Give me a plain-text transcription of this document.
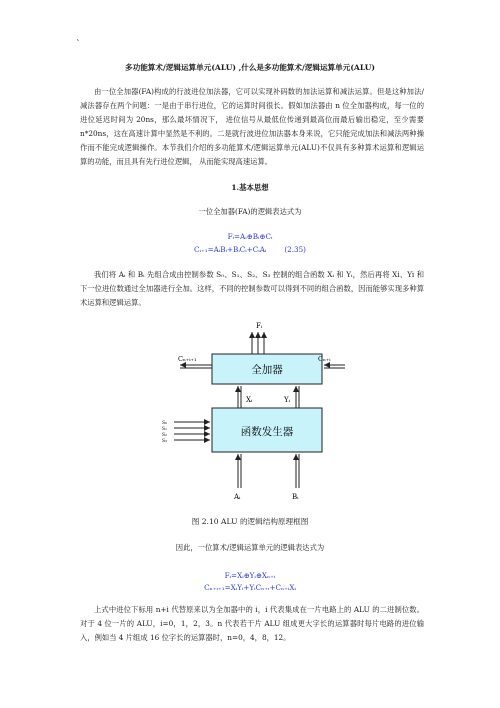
`
多功能算术/逻辑运算单元(ALU) ,什么是多功能算术/逻辑运算单元(ALU)

由一位全加器(FA)构成的行波进位加法器，它可以实现补码数的加法运算和减法运算。但是这种加法/减法器存在两个问题：一是由于串行进位，它的运算时间很长。假如加法器由 n 位全加器构成，每一位的进位延迟时间为 20ns，那么最坏情况下， 进位信号从最低位传递到最高位而最后输出稳定，至少需要 n*20ns，这在高速计算中显然是不利的。二是就行波进位加法器本身来说，它只能完成加法和减法两种操作而不能完成逻辑操作。本节我们介绍的多功能算术/逻辑运算单元(ALU)不仅具有多种算术运算和逻辑运算的功能，而且具有先行进位逻辑， 从而能实现高速运算。

1.基本思想
一位全加器(FA)的逻辑表达式为
Fᵢ=Aᵢ⊕Bᵢ⊕Cᵢ
Cᵢ₊₁=AᵢBᵢ+BᵢCᵢ+CᵢAᵢ	(2.35)

我们将 Aᵢ 和 Bᵢ 先组合成由控制参数 S₀、S₁、S₂、S₃ 控制的组合函数 Xᵢ 和 Yᵢ，然后再将 Xi、Yi 和下一位进位数通过全加器进行全加。这样，不同的控制参数可以得到不同的组合函数，因而能够实现多种算术运算和逻辑运算。

Fᵢ
全加器
Cₙ₊ᵢ₊₁	Cₙ₊ᵢ
Xᵢ	Yᵢ
函数发生器
S₀
S₁
S₂
S₃
Aᵢ	Bᵢ
图 2.10 ALU 的逻辑结构原理框图
因此，一位算术/逻辑运算单元的逻辑表达式为
Fᵢ=Xᵢ⊕Yᵢ⊕Xₙ₊ᵢ
Cₙ₊ᵢ₊₁=XᵢYᵢ+YᵢCₙ₊ᵢ+Cₙ₊ᵢXᵢ

上式中进位下标用 n+i 代替原来以为全加器中的 i，i 代表集成在一片电路上的 ALU 的二进制位数。对于 4 位一片的 ALU，i=0，1，2，3。n 代表若干片 ALU 组成更大字长的运算器时每片电路的进位输入，例如当 4 片组成 16 位字长的运算器时，n=0，4，8，12。
